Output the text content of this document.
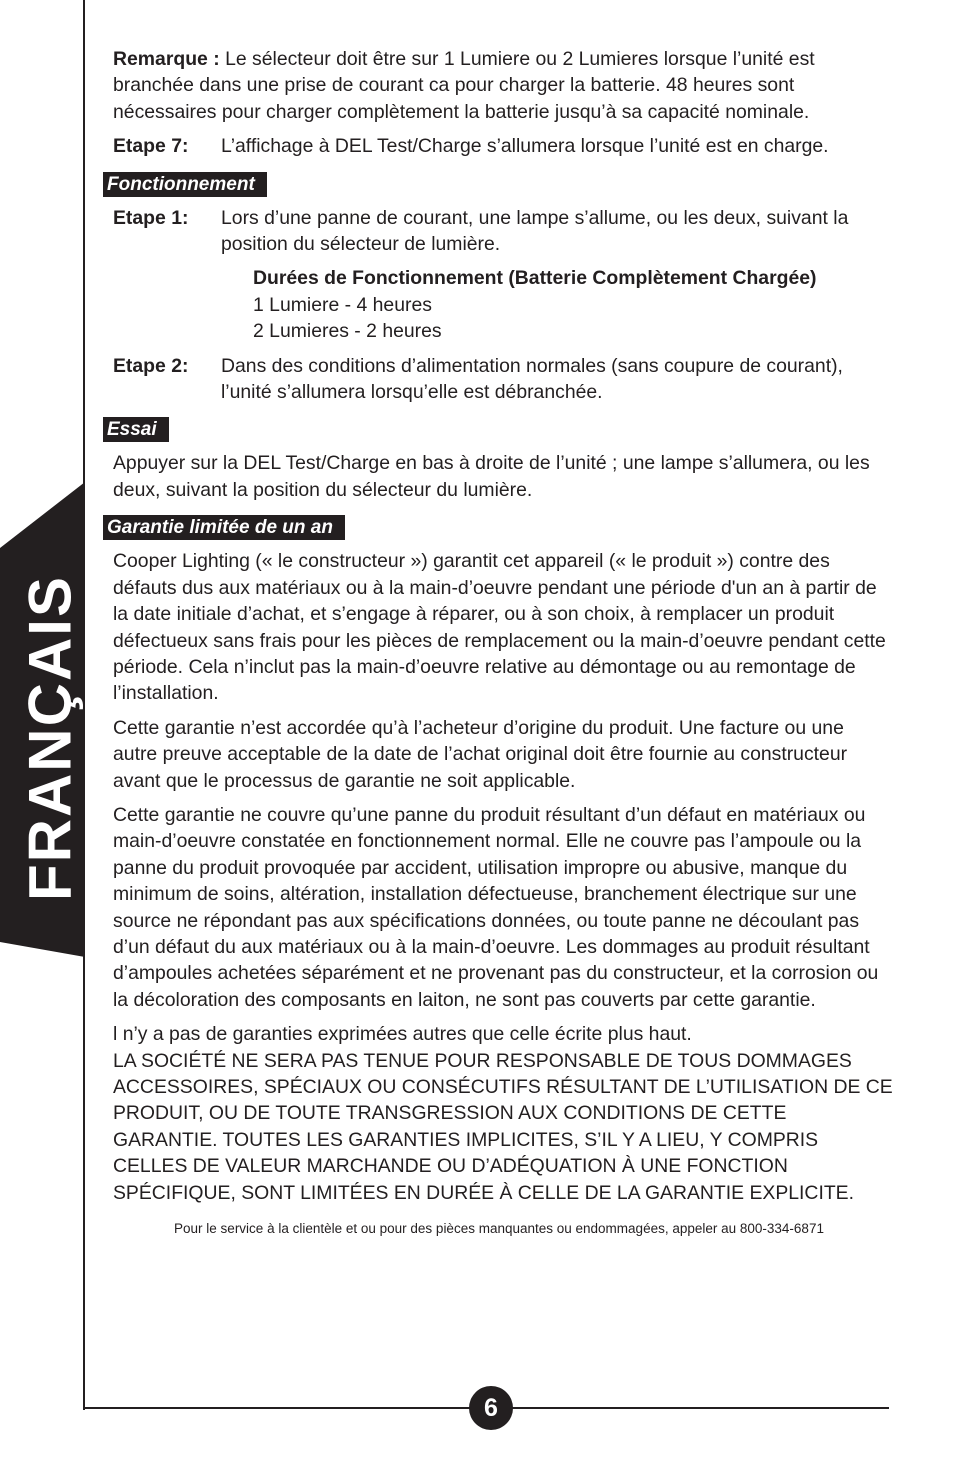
FRANÇAIS

Remarque : Le sélecteur doit être sur 1 Lumiere ou 2 Lumieres lorsque l’unité est branchée dans une prise de courant ca pour charger la batterie. 48 heures sont nécessaires pour charger complètement la batterie jusqu’à sa capacité nominale.

Etape 7:	L’affichage à DEL Test/Charge s’allumera lorsque l’unité est en charge.
Fonctionnement
Etape 1:	Lors d’une panne de courant, une lampe s’allume, ou les deux, suivant la position du sélecteur de lumière.
Durées de Fonctionnement (Batterie Complètement Chargée)
1 Lumiere - 4 heures
2 Lumieres - 2 heures
Etape 2:	Dans des conditions d’alimentation normales (sans coupure de courant), l’unité s’allumera lorsqu’elle est débranchée.
Essai

Appuyer sur la DEL Test/Charge en bas à droite de l’unité ; une lampe s’allumera, ou les deux, suivant la position du sélecteur du lumière.

Garantie limitée de un an

Cooper Lighting (« le constructeur ») garantit cet appareil (« le produit ») contre des défauts dus aux matériaux ou à la main-d’oeuvre pendant une période d'un an à partir de la date initiale d’achat, et s’engage à réparer, ou à son choix, à remplacer un produit défectueux sans frais pour les pièces de remplacement ou la main-d’oeuvre pendant cette période. Cela n’inclut pas la main-d’oeuvre relative au démontage ou au remontage de l’installation.

Cette garantie n’est accordée qu’à l’acheteur d’origine du produit. Une facture ou une autre preuve acceptable de la date de l’achat original doit être fournie au constructeur avant que le processus de garantie ne soit applicable.

Cette garantie ne couvre qu’une panne du produit résultant d’un défaut en matériaux ou main-d’oeuvre constatée en fonctionnement normal. Elle ne couvre pas l’ampoule ou la panne du produit provoquée par accident, utilisation impropre ou abusive, manque du minimum de soins, altération, installation défectueuse, branchement électrique sur une source ne répondant pas aux spécifications données, ou toute panne ne découlant pas d’un défaut du aux matériaux ou à la main-d’oeuvre. Les dommages au produit résultant d’ampoules achetées séparément et ne provenant pas du constructeur, et la corrosion ou la décoloration des composants en laiton, ne sont pas couverts par cette garantie.

l n’y a pas de garanties exprimées autres que celle écrite plus haut.
LA SOCIÉTÉ NE SERA PAS TENUE POUR RESPONSABLE DE TOUS DOMMAGES ACCESSOIRES, SPÉCIAUX OU CONSÉCUTIFS RÉSULTANT DE L’UTILISATION DE CE PRODUIT, OU DE TOUTE TRANSGRESSION AUX CONDITIONS DE CETTE GARANTIE. TOUTES LES GARANTIES IMPLICITES, S’IL Y A LIEU, Y COMPRIS CELLES DE VALEUR MARCHANDE OU D’ADÉQUATION À UNE FONCTION SPÉCIFIQUE, SONT LIMITÉES EN DURÉE À CELLE DE LA GARANTIE EXPLICITE.
Pour le service à la clientèle et ou pour des pièces manquantes ou endommagées, appeler au 800-334-6871
6
